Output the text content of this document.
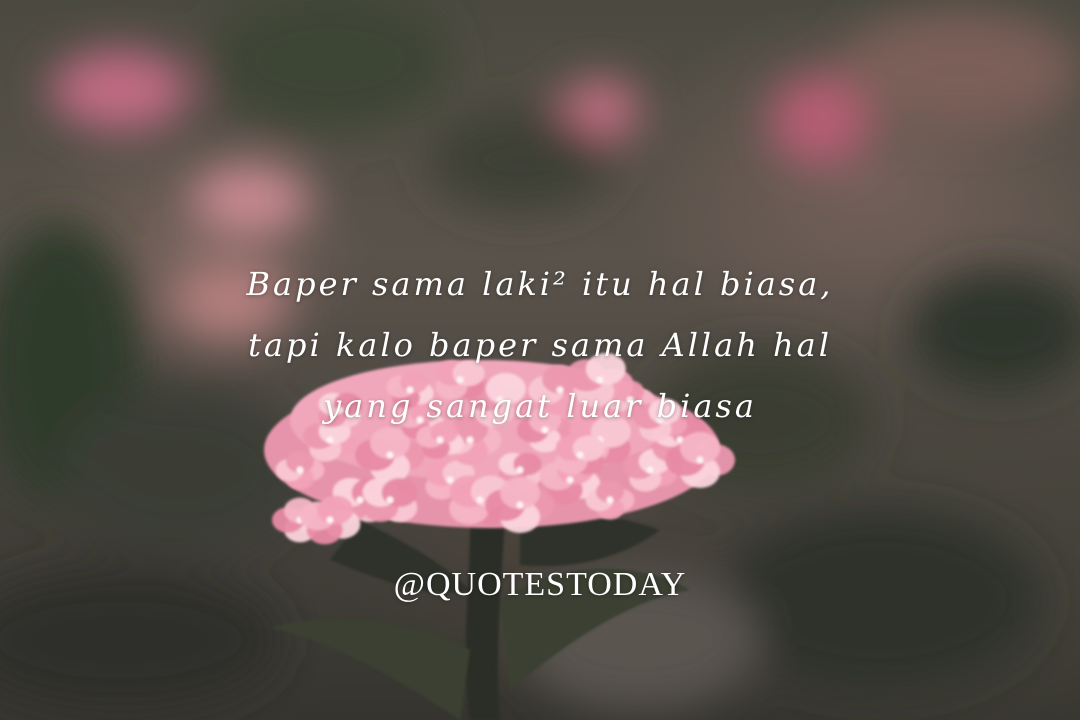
Baper sama laki² itu hal biasa,
tapi kalo baper sama Allah hal
yang sangat luar biasa

@QUOTESTODAY
